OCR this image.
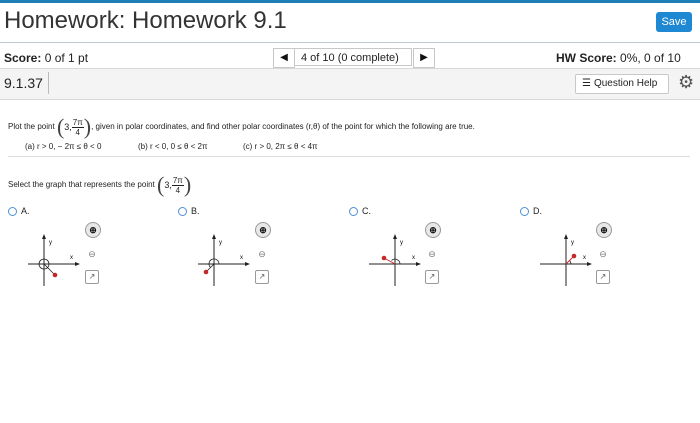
Homework: Homework 9.1	Save
Score: 0 of 1 pt	◀	4 of 10 (0 complete)	▶	HW Score: 0%, 0 of 10
9.1.37	☰ Question Help	⚙
Plot the point (3, $\frac{7\pi}{4}$ ), given in polar coordinates, and find other polar coordinates (r,θ) of the point for which the following are true.
(a) r > 0, − 2π ≤ θ < 0	(b) r < 0, 0 ≤ θ < 2π	(c) r > 0, 2π ≤ θ < 4π
Select the graph that represents the point (3, $\frac{7\pi}{4}$ )
A.	B.	C.	D.
y
x
⊕
⊖
↗
y
x
⊕
⊖
↗
y
x
⊕
⊖
↗
y
x
⊕
⊖
↗
